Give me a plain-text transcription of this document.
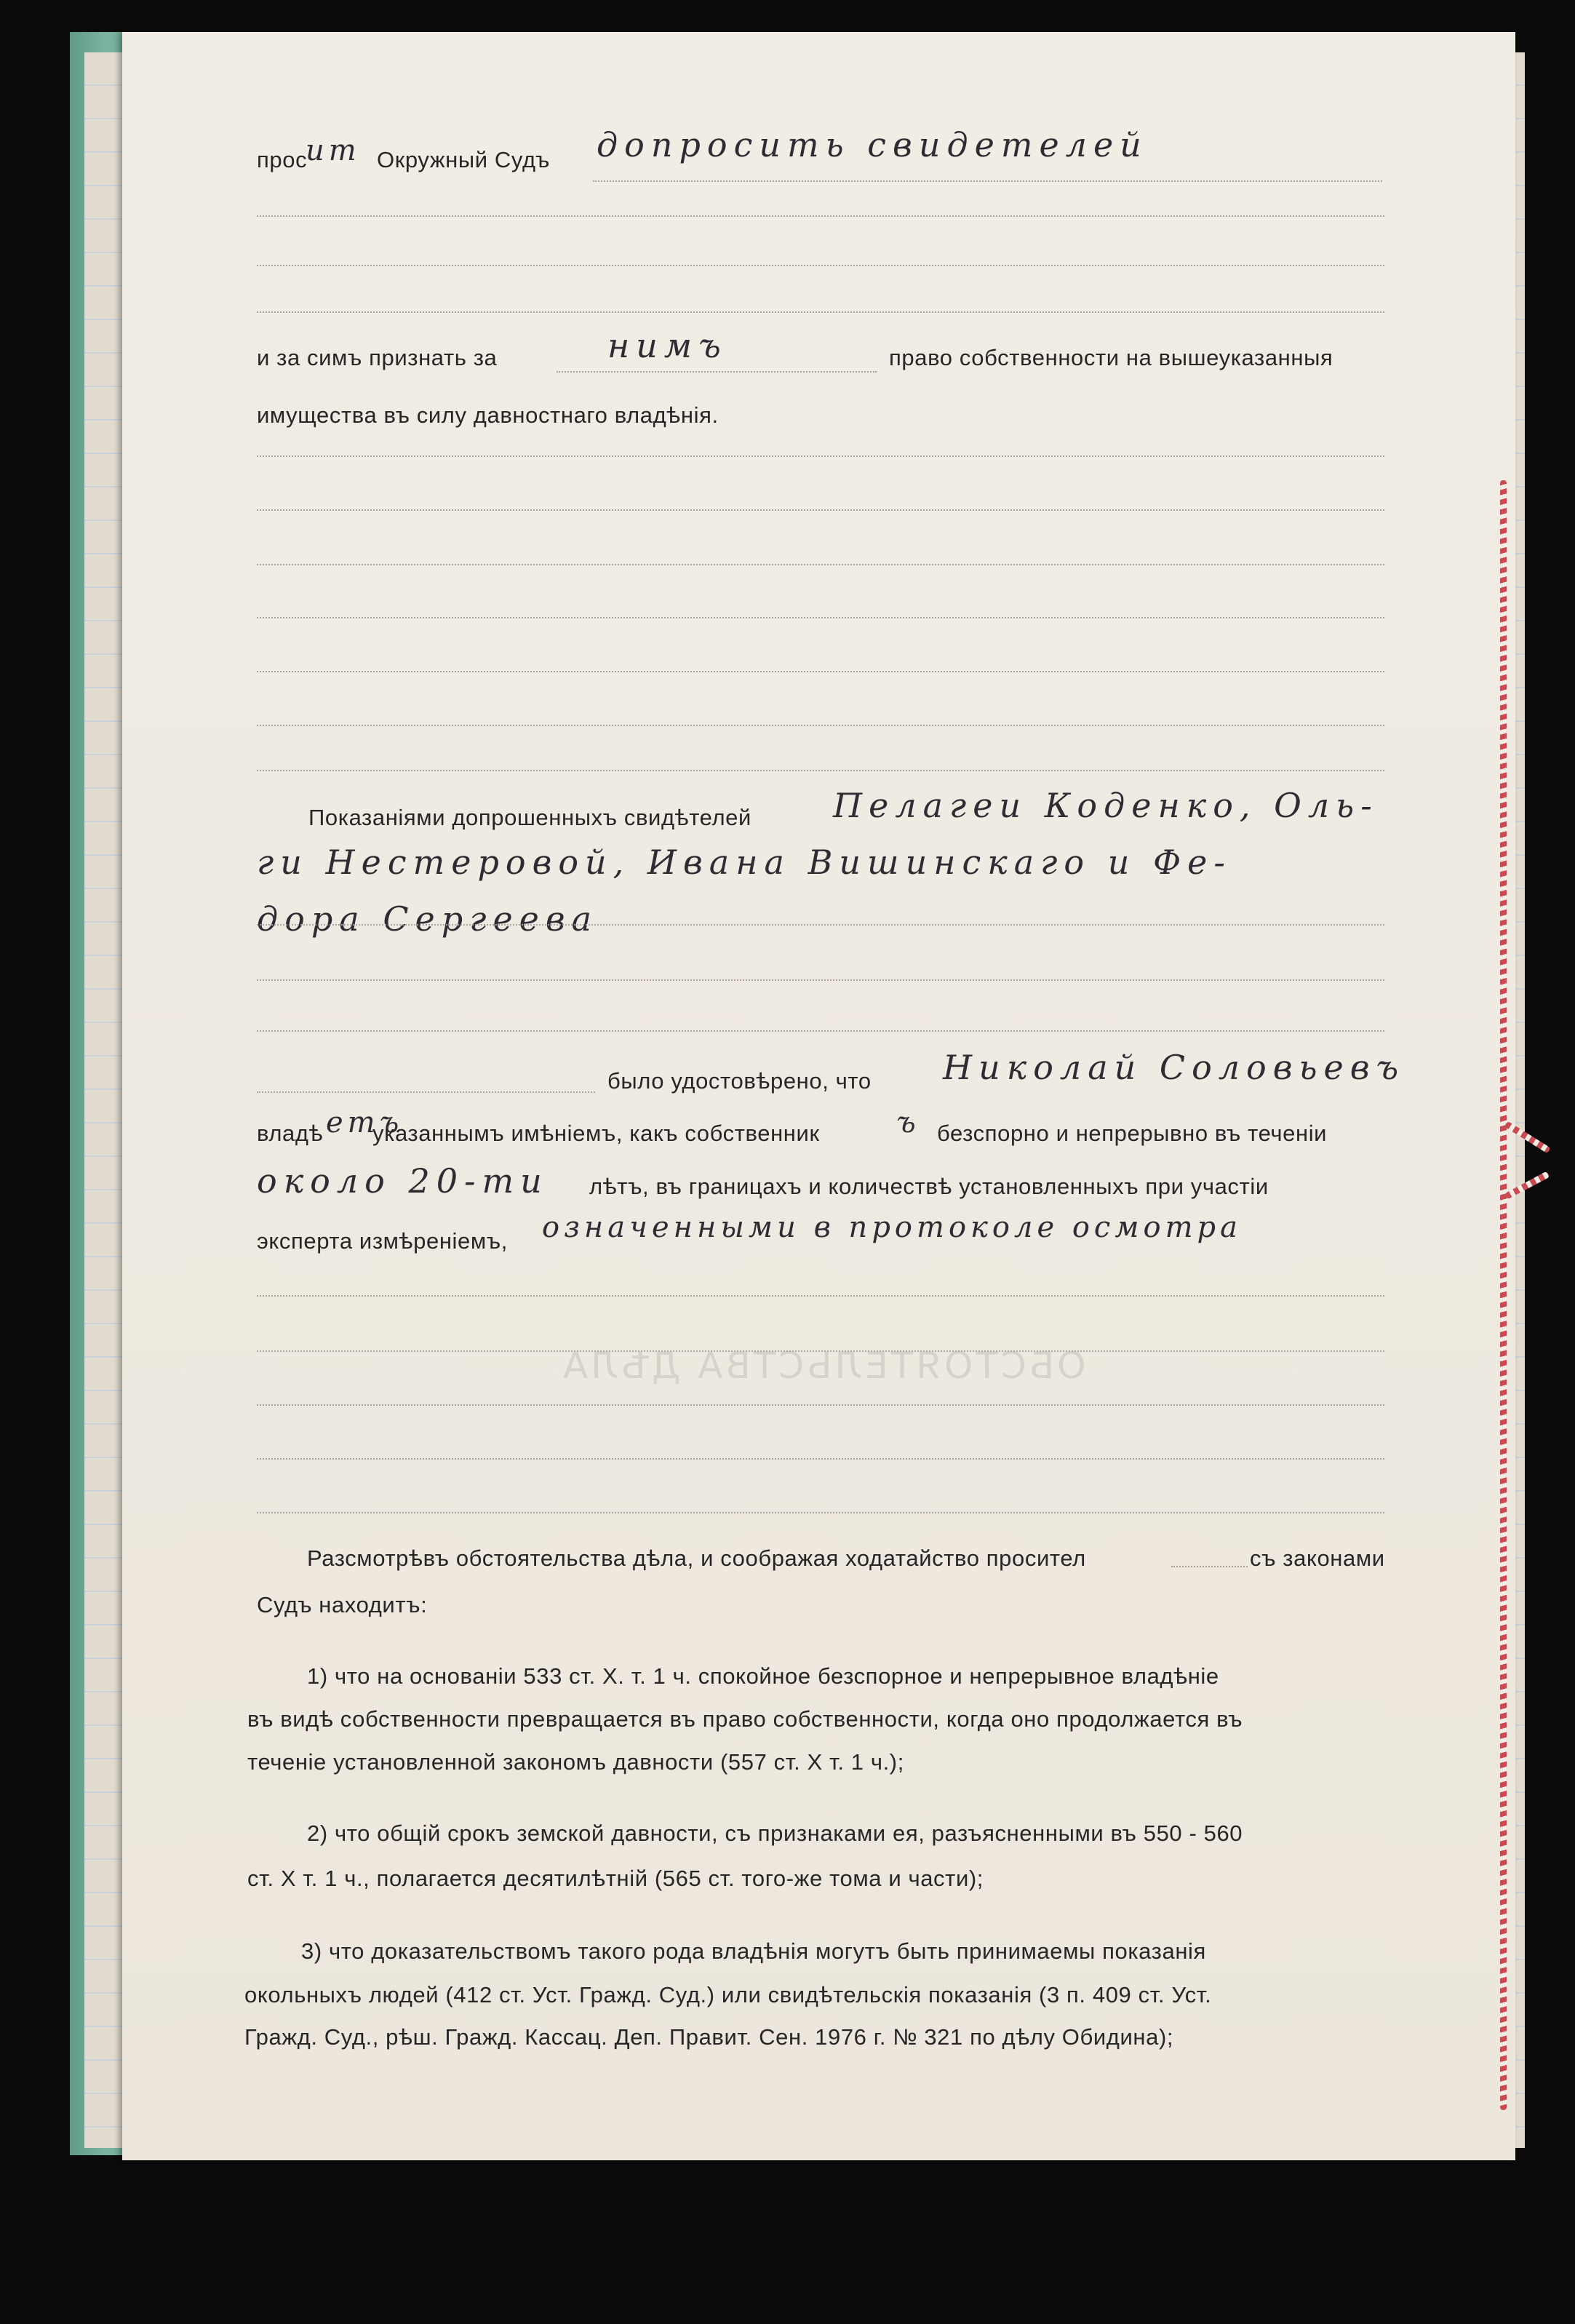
прос
ит Окружный Судъ допросить свидетелей
и за симъ признать за	нимъ	право собственности на вышеуказанныя
имущества въ силу давностнаго владѣнія.
Показаніями допрошенныхъ свидѣтелей Пелагеи Коденко, Оль-
ги Нестеровой, Ивана Вишинскаго и Фе-
дора Сергеева
было удостовѣрено, что Николай Соловьевъ
владѣ етъ
указаннымъ имѣніемъ, какъ собственник	ъ безспорно и непрерывно въ теченіи
около 20-ти лѣтъ, въ границахъ и количествѣ установленныхъ при участіи
эксперта измѣреніемъ, означенными в протоколе осмотра
ОБСТОЯТЕЛЬСТВА ДѢЛА
Разсмотрѣвъ обстоятельства дѣла, и соображая ходатайство просител	съ законами
Судъ находитъ:
1) что на основаніи 533 ст. X. т. 1 ч. спокойное безспорное и непрерывное владѣніе
въ видѣ собственности превращается въ право собственности, когда оно продолжается въ
теченіе установленной закономъ давности (557 ст. X т. 1 ч.);
2) что общій срокъ земской давности, съ признаками ея, разъясненными въ 550 - 560
ст. X т. 1 ч., полагается десятилѣтній (565 ст. того-же тома и части);
3) что доказательствомъ такого рода владѣнія могутъ быть принимаемы показанія
окольныхъ людей (412 ст. Уст. Гражд. Суд.) или свидѣтельскія показанія (3 п. 409 ст. Уст.
Гражд. Суд., рѣш. Гражд. Кассац. Деп. Правит. Сен. 1976 г. № 321 по дѣлу Обидина);
